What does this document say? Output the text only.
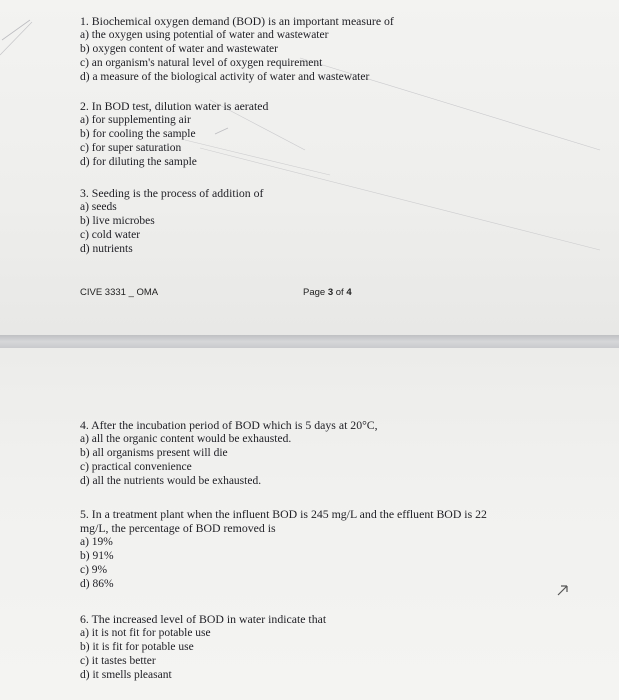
1. Biochemical oxygen demand (BOD) is an important measure of
a) the oxygen using potential of water and wastewater
b) oxygen content of water and wastewater
c) an organism's natural level of oxygen requirement
d) a measure of the biological activity of water and wastewater
2. In BOD test, dilution water is aerated
a) for supplementing air
b) for cooling the sample
c) for super saturation
d) for diluting the sample
3. Seeding is the process of addition of
a) seeds
b) live microbes
c) cold water
d) nutrients
CIVE 3331 _ OMA	Page 3 of 4
4. After the incubation period of BOD which is 5 days at 20°C,
a) all the organic content would be exhausted.
b) all organisms present will die
c) practical convenience
d) all the nutrients would be exhausted.
5. In a treatment plant when the influent BOD is 245 mg/L and the effluent BOD is 22
mg/L, the percentage of BOD removed is
a) 19%
b) 91%
c) 9%
d) 86%
6. The increased level of BOD in water indicate that
a) it is not fit for potable use
b) it is fit for potable use
c) it tastes better
d) it smells pleasant
